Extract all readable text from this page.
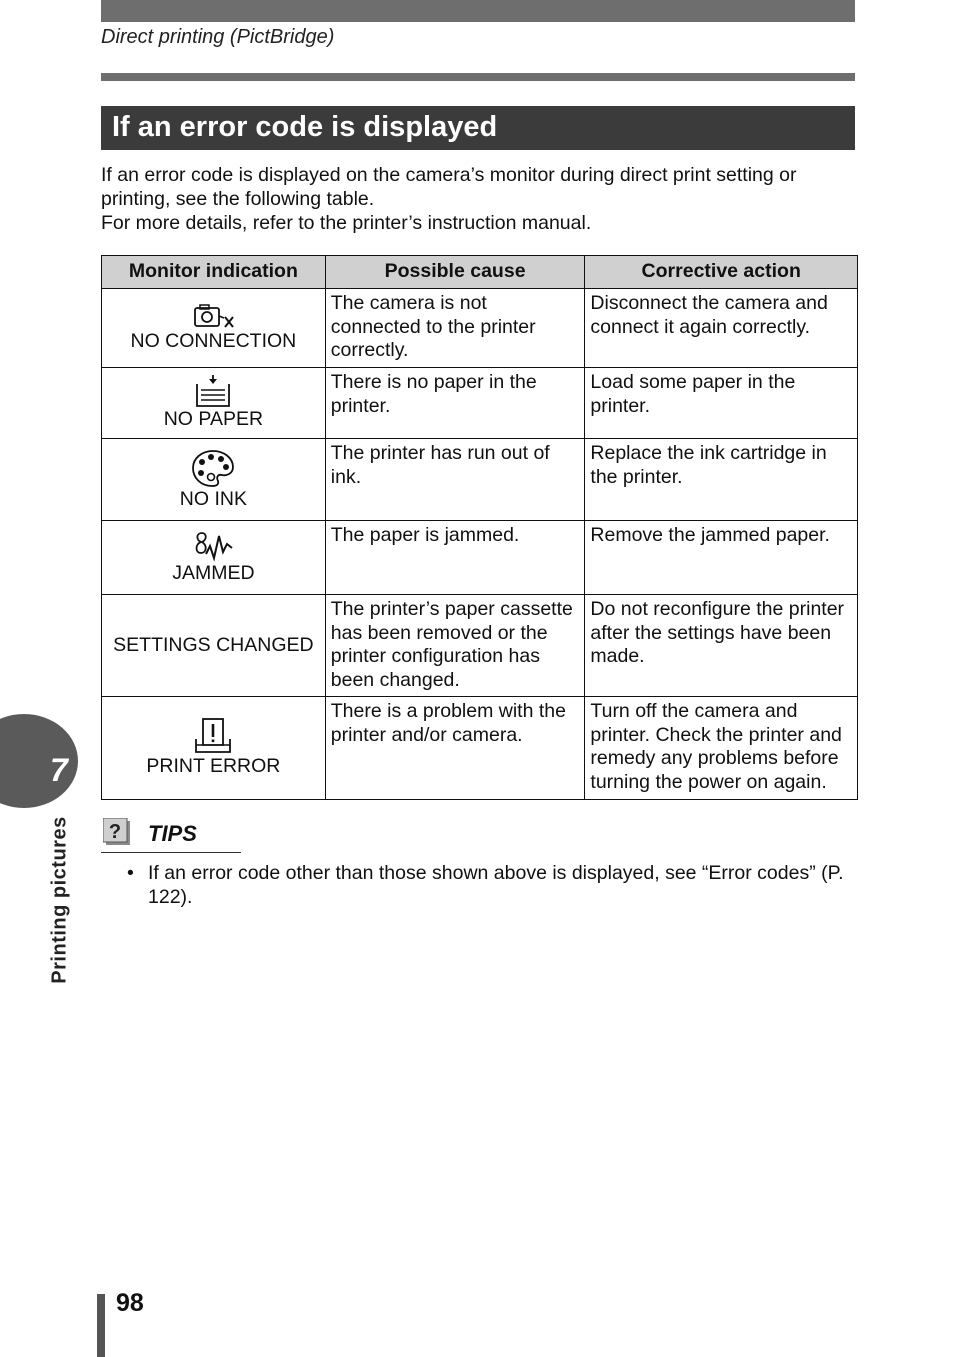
Direct printing (PictBridge)
If an error code is displayed

If an error code is displayed on the camera’s monitor during direct print setting or printing, see the following table.

For more details, refer to the printer’s instruction manual.

Monitor indication	Possible cause	Corrective action

NO CONNECTION	The camera is not connected to the printer correctly.	Disconnect the camera and connect it again correctly.

NO PAPER	There is no paper in the printer.	Load some paper in the printer.

NO INK	The printer has run out of ink.	Replace the ink cartridge in the printer.

JAMMED	The paper is jammed.	Remove the jammed paper.

SETTINGS CHANGED	The printer’s paper cassette has been removed or the printer configuration has been changed.	Do not reconfigure the printer after the settings have been made.

PRINT ERROR	There is a problem with the printer and/or camera.	Turn off the camera and printer. Check the printer and remedy any problems before turning the power on again.
? TIPS
• If an error code other than those shown above is displayed, see “Error codes” (P. 122).
7
Printing pictures
98
